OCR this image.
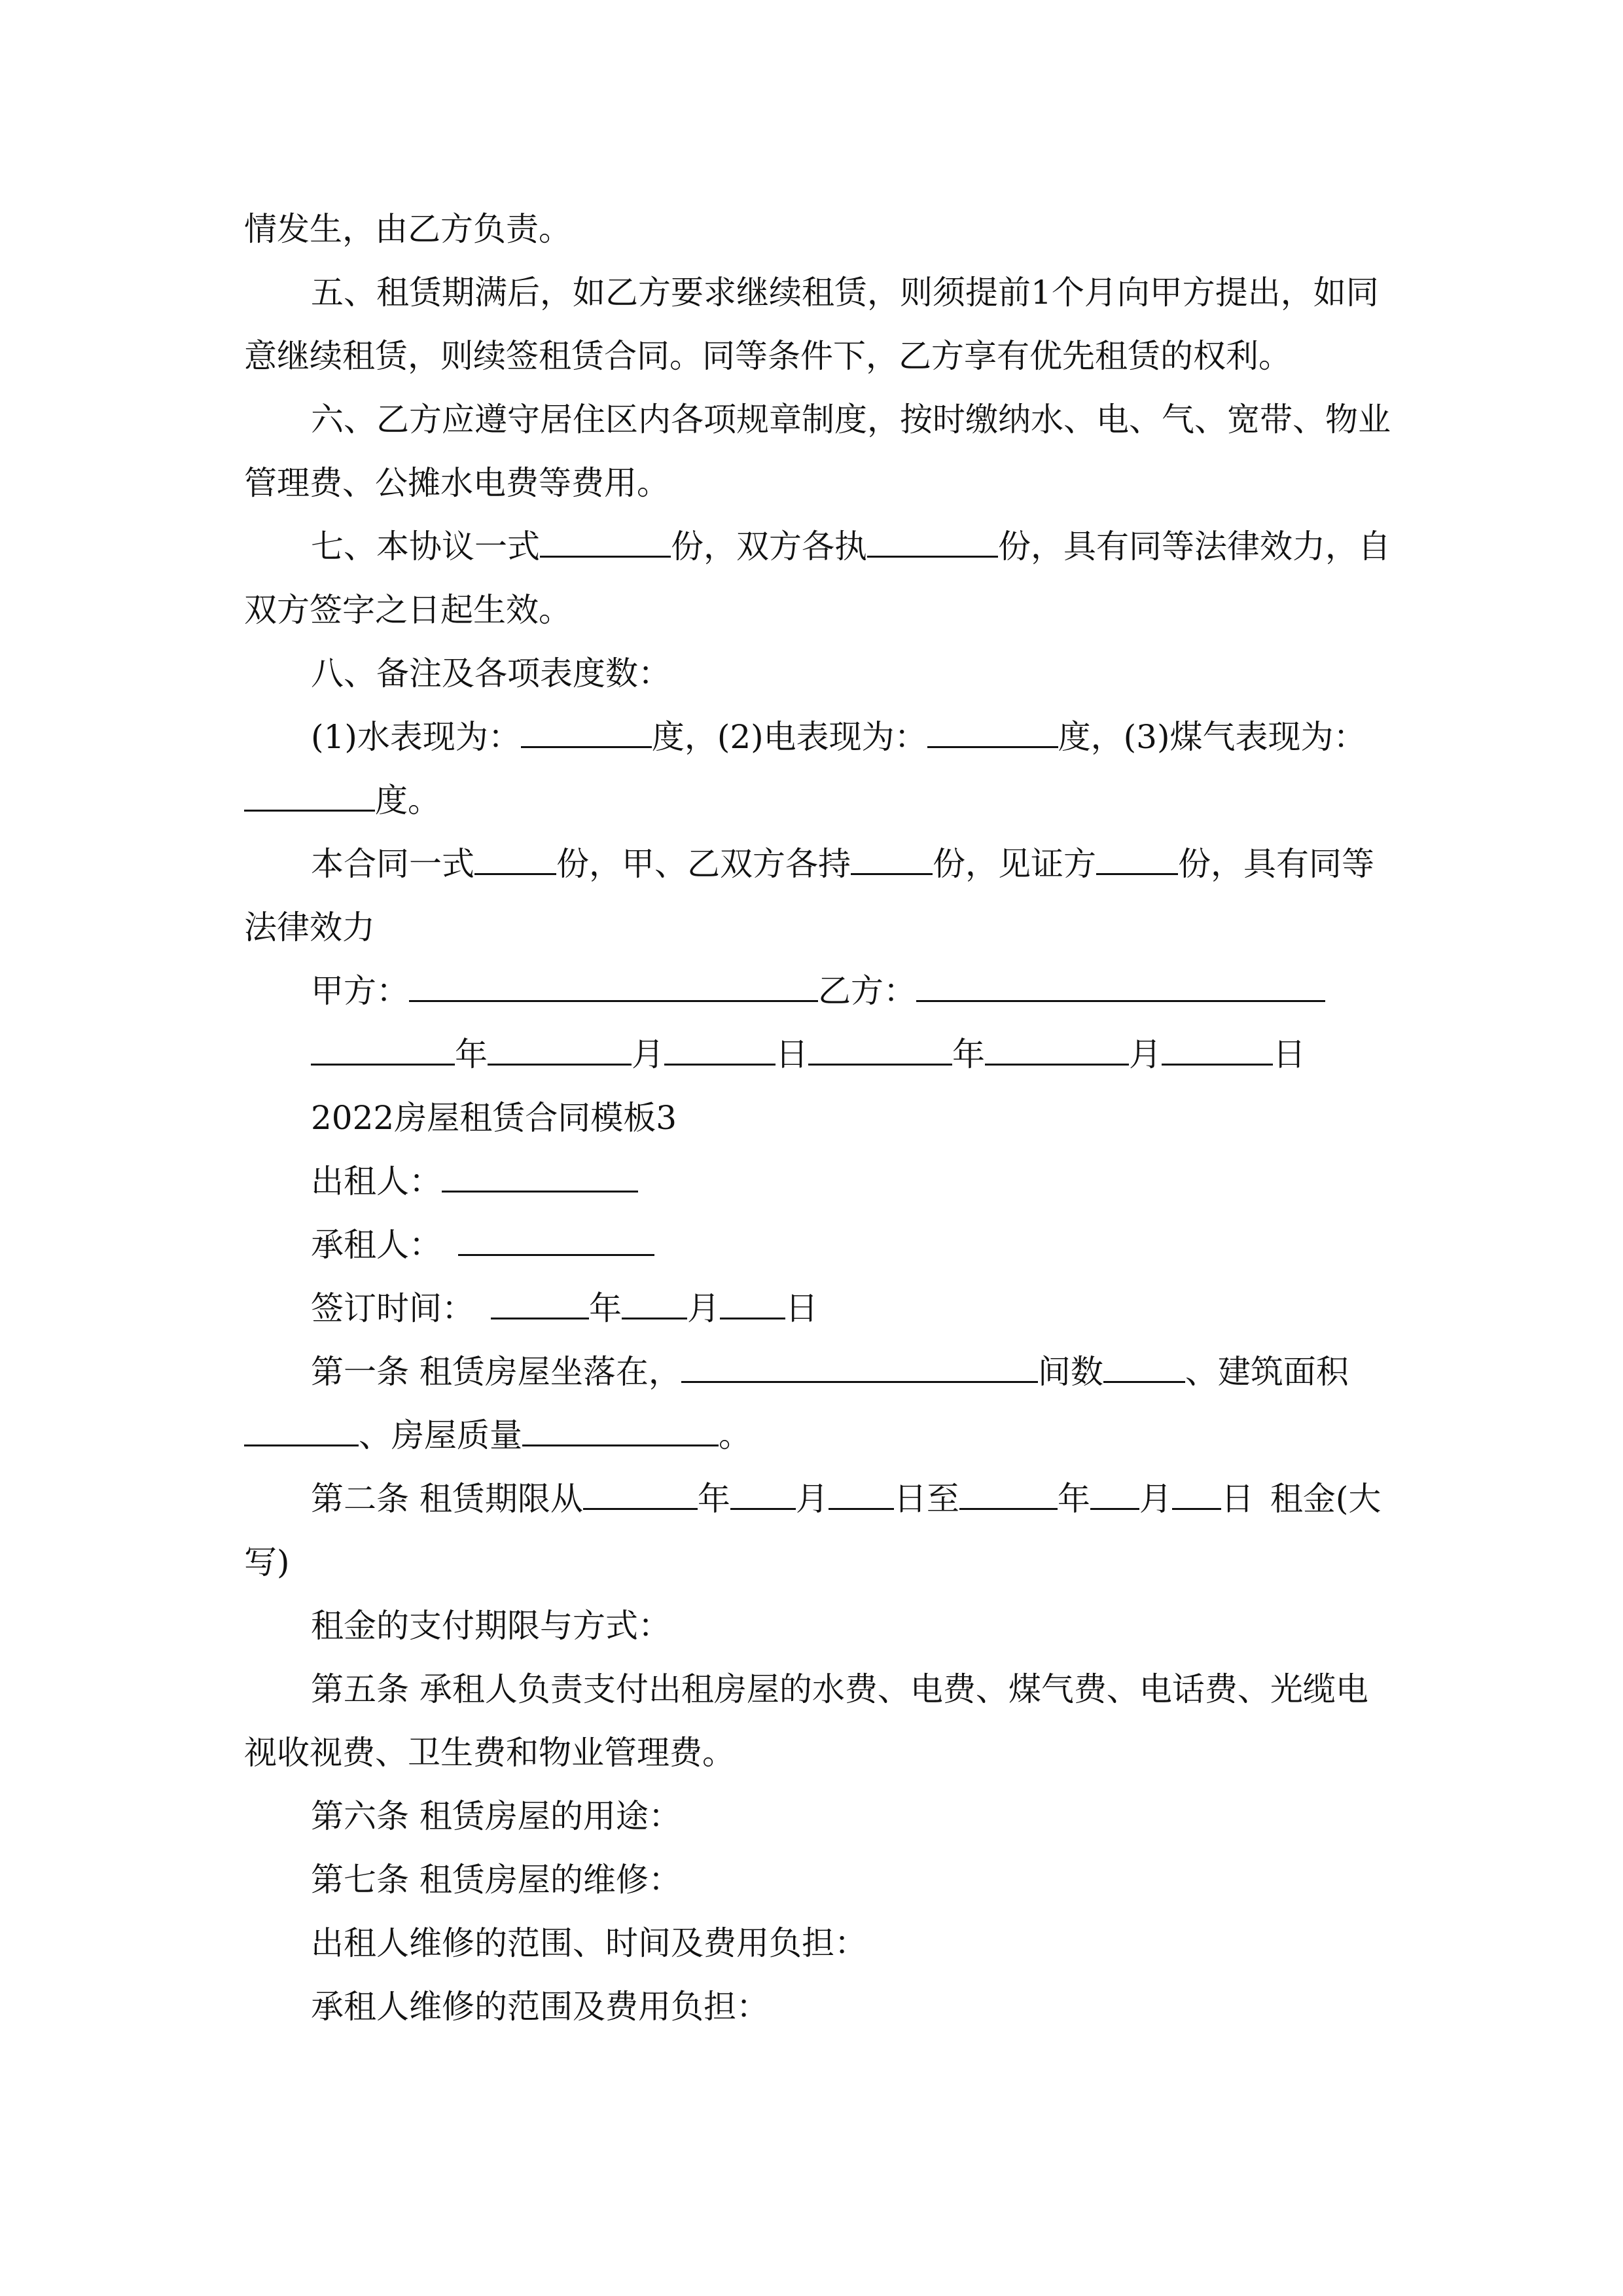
情发生，由乙方负责。
五、租赁期满后，如乙方要求继续租赁，则须提前 1 个月向甲方提出，如同
意继续租赁，则续签租赁合同。同等条件下，乙方享有优先租赁的权利。
六、乙方应遵守居住区内各项规章制度，按时缴纳水、电、气、宽带、物业
管理费、公摊水电费等费用。
七、本协议一式	份，双方各执	份，具有同等法律效力，自
双方签字之日起生效。
八、备注及各项表度数：
(1)水表现为：	度，(2)电表现为：	度，(3)煤气表现为：
度。
本合同一式	份，甲、乙双方各持	份，见证方	份，具有同等
法律效力
甲方：	乙方：
年	月	日	年	月	日
2022房屋租赁合同模板3
出租人：
承租人：
签订时间：	年 月 日
第一条 租赁房屋坐落在，	间数	、建筑面积
、房屋质量	。
第二条 租赁期限从	年 月 日至	年 月 日 租金(大
写)
租金的支付期限与方式：
第五条 承租人负责支付出租房屋的水费、电费、煤气费、电话费、光缆电
视收视费、卫生费和物业管理费。
第六条 租赁房屋的用途：
第七条 租赁房屋的维修：
出租人维修的范围、时间及费用负担：
承租人维修的范围及费用负担：
